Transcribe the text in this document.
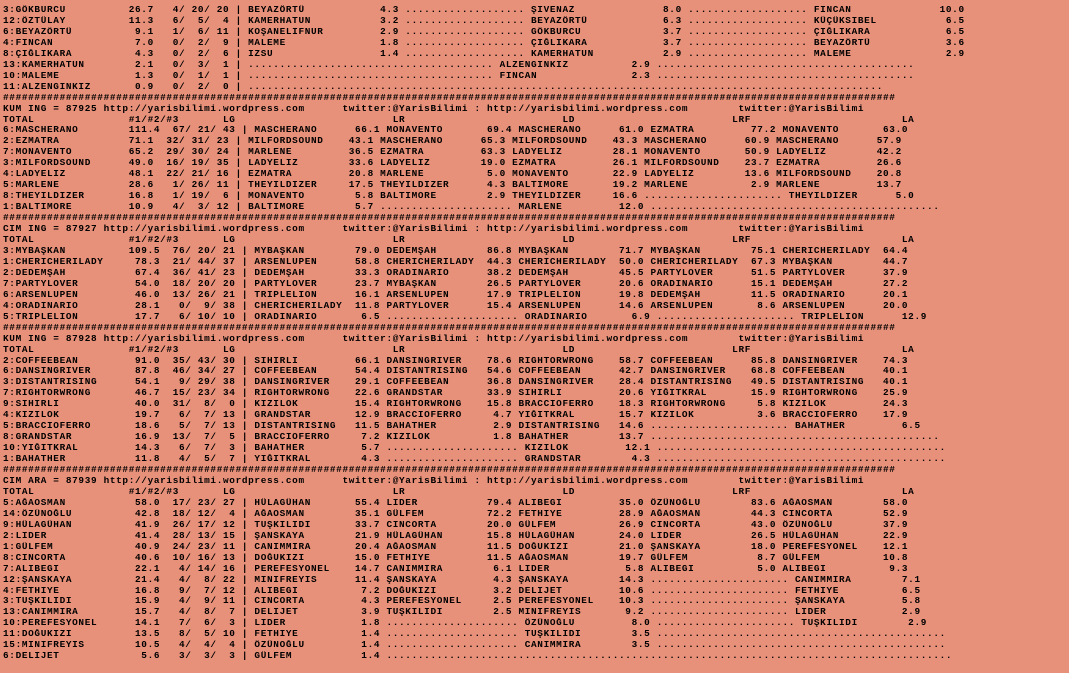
3:GÖKBURCU          26.7   4/ 20/ 20 | BEYAZÖRTÜ            4.3 ................... ŞIVENAZ              8.0 ................... FINCAN              10.0
12:ÖZTÜLAY          11.3   6/  5/  4 | KAMERHATUN           3.2 ................... BEYAZÖRTÜ            6.3 ................... KÜÇÜKSIBEL           6.5
6:BEYAZÖRTÜ          9.1   1/  6/ 11 | KOŞANELIFNUR         2.9 ................... GÖKBURCU             3.7 ................... ÇIĞLIKARA            6.5
4:FINCAN             7.0   0/  2/  9 | MALEME               1.8 ................... ÇIĞLIKARA            3.7 ................... BEYAZÖRTÜ            3.6
8:ÇIĞLIKARA          4.3   0/  2/  6 | IZSU                 1.4 ................... KAMERHATUN           2.9 ................... MALEME               2.9
13:KAMERHATUN        2.1   0/  3/  1 | ....................................... ALZENGINKIZ          2.9 .........................................
10:MALEME            1.3   0/  1/  1 | ....................................... FINCAN               2.3 .........................................
11:ALZENGINKIZ       0.9   0/  2/  0 | .....................................................................................................
##############################################################################################################################################
KUM ING = 87925 http://yarisbilimi.wordpress.com      twitter:@YarisBilimi : http://yarisbilimi.wordpress.com        twitter:@YarisBilimi
TOTAL               #1/#2/#3       LG                         LR                         LD                         LRF                        LA
6:MASCHERANO        111.4  67/ 21/ 43 | MASCHERANO      66.1 MONAVENTO       69.4 MASCHERANO      61.0 EZMATRA         77.2 MONAVENTO       63.0
2:EZMATRA           71.1  32/ 31/ 23 | MILFORDSOUND    43.1 MASCHERANO      65.3 MILFORDSOUND    43.3 MASCHERANO      60.9 MASCHERANO      57.9
7:MONAVENTO         65.2  29/ 30/ 24 | MARLENE         36.5 EZMATRA         63.3 LADYELIZ        28.1 MONAVENTO       50.9 LADYELIZ        42.2
3:MILFORDSOUND      49.0  16/ 19/ 35 | LADYELIZ        33.6 LADYELIZ        19.0 EZMATRA         26.1 MILFORDSOUND    23.7 EZMATRA         26.6
4:LADYELIZ          48.1  22/ 21/ 16 | EZMATRA         20.8 MARLENE          5.0 MONAVENTO       22.9 LADYELIZ        13.6 MILFORDSOUND    20.8
5:MARLENE           28.6   1/ 26/ 11 | THEYILDIZER     17.5 THEYILDIZER      4.3 BALTIMORE       19.2 MARLENE          2.9 MARLENE         13.7
8:THEYILDIZER       16.8   1/ 19/  6 | MONAVENTO        5.8 BALTIMORE        2.9 THEYILDIZER     16.6 ...................... THEYILDIZER      5.0
1:BALTIMORE         10.9   4/  3/ 12 | BALTIMORE        5.7 ..................... MARLENE         12.0 ..............................................
##############################################################################################################################################
CIM ING = 87927 http://yarisbilimi.wordpress.com      twitter:@YarisBilimi : http://yarisbilimi.wordpress.com        twitter:@YarisBilimi
TOTAL               #1/#2/#3       LG                         LR                         LD                         LRF                        LA
3:MYBAŞKAN          109.5  76/ 20/ 21 | MYBAŞKAN        79.0 DEDEMŞAH        86.8 MYBAŞKAN        71.7 MYBAŞKAN        75.1 CHERICHERILADY  64.4
1:CHERICHERILADY     78.3  21/ 44/ 37 | ARSENLUPEN      58.8 CHERICHERILADY  44.3 CHERICHERILADY  50.0 CHERICHERILADY  67.3 MYBAŞKAN        44.7
2:DEDEMŞAH           67.4  36/ 41/ 23 | DEDEMŞAH        33.3 ORADINARIO      38.2 DEDEMŞAH        45.5 PARTYLOVER      51.5 PARTYLOVER      37.9
7:PARTYLOVER         54.0  18/ 20/ 20 | PARTYLOVER      23.7 MYBAŞKAN        26.5 PARTYLOVER      20.6 ORADINARIO      15.1 DEDEMŞAH        27.2
6:ARSENLUPEN         46.0  13/ 26/ 21 | TRIPLELION      16.1 ARSENLUPEN      17.9 TRIPLELION      19.8 DEDEMŞAH        11.5 ORADINARIO      20.1
4:ORADINARIO         28.1   0/  9/ 38 | CHERICHERILADY  11.8 PARTYLOVER      15.4 ARSENLUPEN      14.6 ARSENLUPEN       8.6 ARSENLUPEN      20.0
5:TRIPLELION         17.7   6/ 10/ 10 | ORADINARIO       6.5 ..................... ORADINARIO       6.9 ...................... TRIPLELION      12.9
##############################################################################################################################################
KUM ING = 87928 http://yarisbilimi.wordpress.com      twitter:@YarisBilimi : http://yarisbilimi.wordpress.com        twitter:@YarisBilimi
TOTAL               #1/#2/#3       LG                         LR                         LD                         LRF                        LA
2:COFFEEBEAN         91.0  35/ 43/ 30 | SIHIRLI         66.1 DANSINGRIVER    78.6 RIGHTORWRONG    58.7 COFFEEBEAN      85.8 DANSINGRIVER    74.3
6:DANSINGRIVER       87.8  46/ 34/ 27 | COFFEEBEAN      54.4 DISTANTRISING   54.6 COFFEEBEAN      42.7 DANSINGRIVER    68.8 COFFEEBEAN      40.1
3:DISTANTRISING      54.1   9/ 29/ 38 | DANSINGRIVER    29.1 COFFEEBEAN      36.8 DANSINGRIVER    28.4 DISTANTRISING   49.5 DISTANTRISING   40.1
7:RIGHTORWRONG       46.7  15/ 23/ 34 | RIGHTORWRONG    22.6 GRANDSTAR       33.9 SIHIRLI         20.6 YIĞITKRAL       15.9 RIGHTORWRONG    25.9
9:SIHIRLI            40.0  31/  8/  0 | KIZILOK         15.4 RIGHTORWRONG    15.8 BRACCIOFERRO    18.3 RIGHTORWRONG     5.8 KIZILOK         24.3
4:KIZILOK            19.7   6/  7/ 13 | GRANDSTAR       12.9 BRACCIOFERRO     4.7 YIĞITKRAL       15.7 KIZILOK          3.6 BRACCIOFERRO    17.9
5:BRACCIOFERRO       18.6   5/  7/ 13 | DISTANTRISING   11.5 BAHATHER         2.9 DISTANTRISING   14.6 ...................... BAHATHER         6.5
8:GRANDSTAR          16.9  13/  7/  5 | BRACCIOFERRO     7.2 KIZILOK          1.8 BAHATHER        13.7 ..............................................
10:YIĞITKRAL         14.3   6/  7/  3 | BAHATHER         5.7 ..................... KIZILOK         12.1 ..............................................
1:BAHATHER           11.8   4/  5/  7 | YIĞITKRAL        4.3 ..................... GRANDSTAR        4.3 ..............................................
##############################################################################################################################################
CIM ARA = 87939 http://yarisbilimi.wordpress.com      twitter:@YarisBilimi : http://yarisbilimi.wordpress.com        twitter:@YarisBilimi
TOTAL               #1/#2/#3       LG                         LR                         LD                         LRF                        LA
5:AĞAOSMAN           58.0  17/ 23/ 27 | HÜLAGÜHAN       55.4 LIDER           79.4 ALIBEGI         35.0 ÖZÜNOĞLU        83.6 AĞAOSMAN        58.0
14:ÖZÜNOĞLU          42.8  18/ 12/  4 | AĞAOSMAN        35.1 GÜLFEM          72.2 FETHIYE         28.9 AĞAOSMAN        44.3 CINCORTA        52.9
9:HÜLAGÜHAN          41.9  26/ 17/ 12 | TUŞKILIDI       33.7 CINCORTA        20.0 GÜLFEM          26.9 CINCORTA        43.0 ÖZÜNOĞLU        37.9
2:LIDER              41.4  28/ 13/ 15 | ŞANSKAYA        21.9 HÜLAGÜHAN       15.8 HÜLAGÜHAN       24.0 LIDER           26.5 HÜLAGÜHAN       22.9
1:GÜLFEM             40.9  24/ 23/ 11 | CANIMMIRA       20.4 AĞAOSMAN        11.5 DOĞUKIZI        21.0 ŞANSKAYA        18.0 PEREFESYONEL    12.1
8:CINCORTA           40.6  10/ 16/ 13 | DOĞUKIZI        15.0 FETHIYE         11.5 AĞAOSMAN        19.7 GÜLFEM           8.7 GÜLFEM          10.8
7:ALIBEGI            22.1   4/ 14/ 16 | PEREFESYONEL    14.7 CANIMMIRA        6.1 LIDER            5.8 ALIBEGI          5.0 ALIBEGI          9.3
12:ŞANSKAYA          21.4   4/  8/ 22 | MINIFREYIS      11.4 ŞANSKAYA         4.3 ŞANSKAYA        14.3 ...................... CANIMMIRA        7.1
4:FETHIYE            16.8   9/  7/ 12 | ALIBEGI          7.2 DOĞUKIZI         3.2 DELIJET         10.6 ...................... FETHIYE          6.5
3:TUŞKILIDI          15.9   4/  9/ 11 | CINCORTA         4.3 PEREFESYONEL     2.5 PEREFESYONEL    10.3 ...................... ŞANSKAYA         5.8
13:CANIMMIRA         15.7   4/  8/  7 | DELIJET          3.9 TUŞKILIDI        2.5 MINIFREYIS       9.2 ...................... LIDER            2.9
10:PEREFESYONEL      14.1   7/  6/  3 | LIDER            1.8 ..................... ÖZÜNOĞLU         8.0 ...................... TUŞKILIDI        2.9
11:DOĞUKIZI          13.5   8/  5/ 10 | FETHIYE          1.4 ..................... TUŞKILIDI        3.5 ..............................................
15:MINIFREYIS        10.5   4/  4/  4 | ÖZÜNOĞLU         1.4 ..................... CANIMMIRA        3.5 ..............................................
6:DELIJET             5.6   3/  3/  3 | GÜLFEM           1.4 ..........................................................................................
